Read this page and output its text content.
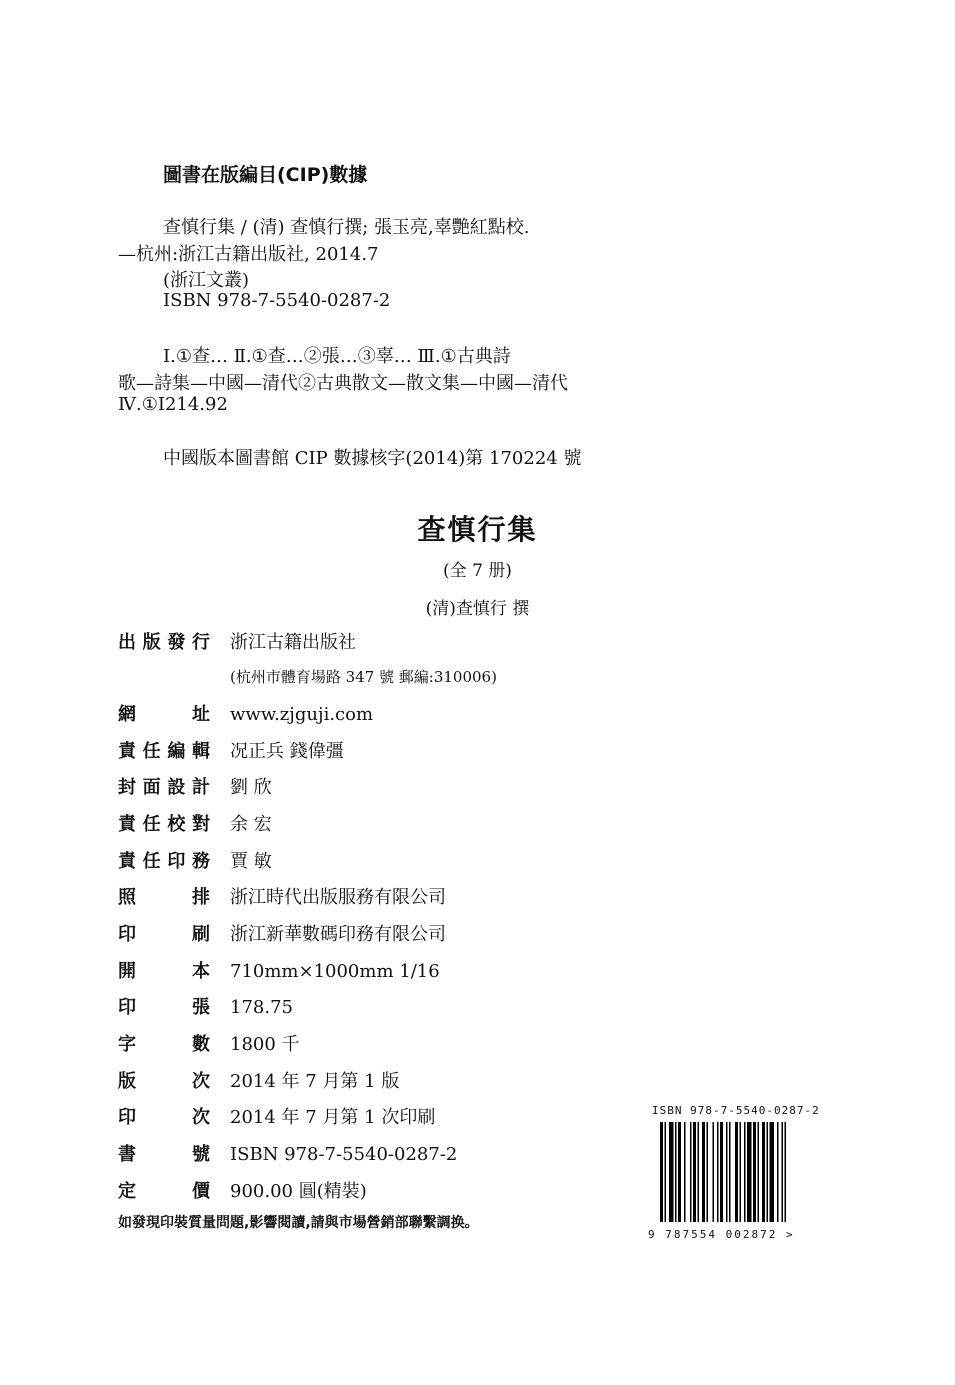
圖書在版編目(CIP)數據
查慎行集 / (清) 查慎行撰; 張玉亮,辜艷紅點校.
—杭州:浙江古籍出版社, 2014.7
(浙江文叢)
ISBN 978-7-5540-0287-2
Ⅰ.①查… Ⅱ.①查…②張…③辜… Ⅲ.①古典詩
歌—詩集—中國—清代②古典散文—散文集—中國—清代
Ⅳ.①I214.92
中國版本圖書館 CIP 數據核字(2014)第 170224 號
查慎行集
(全 7 册)
(清)查慎行 撰
出版發行 浙江古籍出版社
(杭州市體育場路 347 號 郵編:310006)
網址 www.zjguji.com
責任編輯 况正兵 錢偉彊
封面設計 劉 欣
責任校對 余 宏
責任印務 賈 敏
照排 浙江時代出版服務有限公司
印刷 浙江新華數碼印務有限公司
開本 710mm×1000mm 1/16
印張 178.75
字數 1800 千
版次 2014 年 7 月第 1 版
印次 2014 年 7 月第 1 次印刷
書號 ISBN 978-7-5540-0287-2
定價 900.00 圓(精裝)
如發現印裝質量問題,影響閱讀,請與市場營銷部聯繫調换。
ISBN 978-7-5540-0287-2
9 787554 002872 >
